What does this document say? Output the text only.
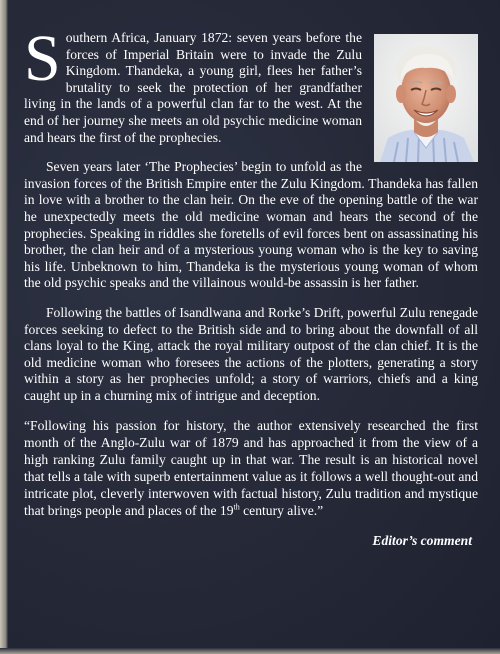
Southern Africa, January 1872: seven years before the forces of Imperial Britain were to invade the Zulu Kingdom. Thandeka, a young girl, flees her father’s brutality to seek the protection of her grandfather living in the lands of a powerful clan far to the west. At the end of her journey she meets an old psychic medicine woman and hears the first of the prophecies.

Seven years later ‘The Prophecies’ begin to unfold as the invasion forces of the British Empire enter the Zulu Kingdom. Thandeka has fallen in love with a brother to the clan heir. On the eve of the opening battle of the war he unexpectedly meets the old medicine woman and hears the second of the prophecies. Speaking in riddles she foretells of evil forces bent on assassinating his brother, the clan heir and of a mysterious young woman who is the key to saving his life. Unbeknown to him, Thandeka is the mysterious young woman of whom the old psychic speaks and the villainous would-be assassin is her father.

Following the battles of Isandlwana and Rorke’s Drift, powerful Zulu renegade forces seeking to defect to the British side and to bring about the downfall of all clans loyal to the King, attack the royal military outpost of the clan chief. It is the old medicine woman who foresees the actions of the plotters, generating a story within a story as her prophecies unfold; a story of warriors, chiefs and a king caught up in a churning mix of intrigue and deception.

“Following his passion for history, the author extensively researched the first month of the Anglo-Zulu war of 1879 and has approached it from the view of a high ranking Zulu family caught up in that war. The result is an historical novel that tells a tale with superb entertainment value as it follows a well thought-out and intricate plot, cleverly interwoven with factual history, Zulu tradition and mystique that brings people and places of the 19th century alive.”

Editor’s comment
